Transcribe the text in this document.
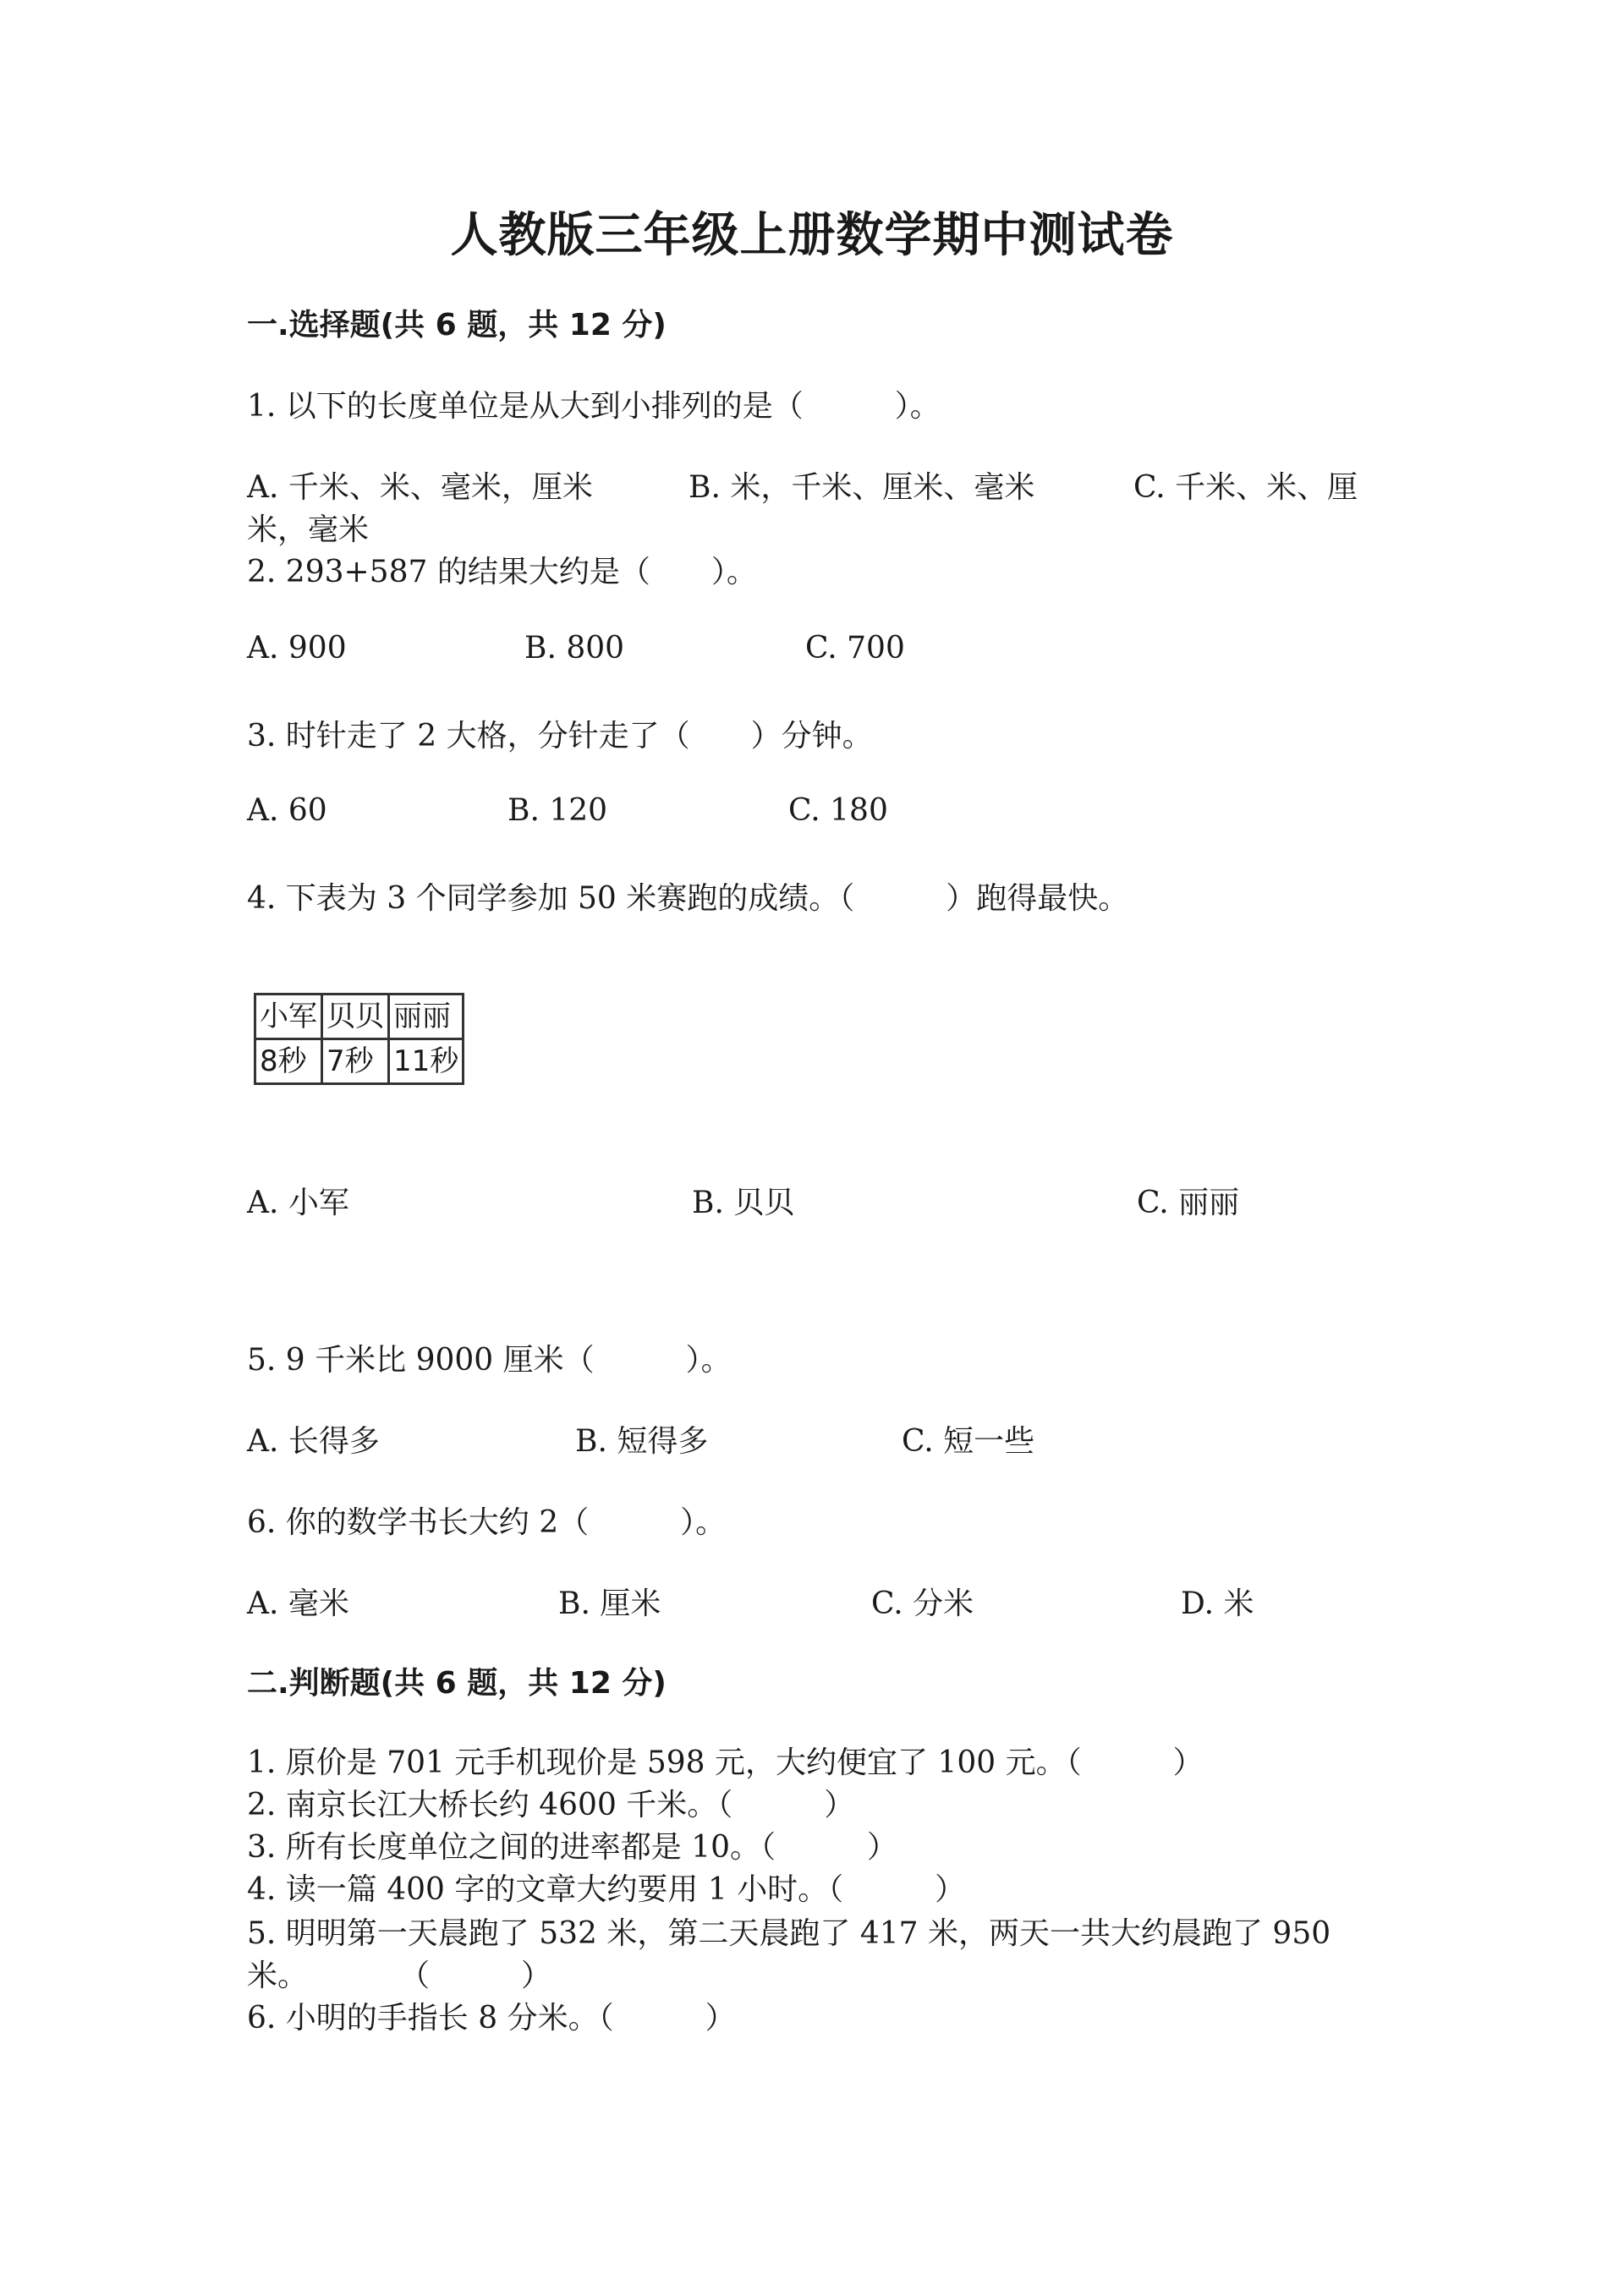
人教版三年级上册数学期中测试卷
一.选择题(共 6 题，共 12 分)
1. 以下的长度单位是从大到小排列的是（　　　）。
A. 千米、米、毫米，厘米	B. 米，千米、厘米、毫米	C. 千米、米、厘
米，毫米
2. 293+587 的结果大约是（　　）。
A. 900	B. 800	C. 700
3. 时针走了 2 大格，分针走了（　　）分钟。
A. 60	B. 120	C. 180
4. 下表为 3 个同学参加 50 米赛跑的成绩。（　　　）跑得最快。
小军	贝贝	丽丽
8秒	7秒	11秒
A. 小军	B. 贝贝	C. 丽丽
5. 9 千米比 9000 厘米（　　　）。
A. 长得多	B. 短得多	C. 短一些
6. 你的数学书长大约 2（　　　）。
A. 毫米	B. 厘米	C. 分米	D. 米
二.判断题(共 6 题，共 12 分)
1. 原价是 701 元手机现价是 598 元，大约便宜了 100 元。（　　　）
2. 南京长江大桥长约 4600 千米。（　　　）
3. 所有长度单位之间的进率都是 10。（　　　）
4. 读一篇 400 字的文章大约要用 1 小时。（　　　）
5. 明明第一天晨跑了 532 米，第二天晨跑了 417 米，两天一共大约晨跑了 950
米。　　　　（　　　）
6. 小明的手指长 8 分米。（　　　）
